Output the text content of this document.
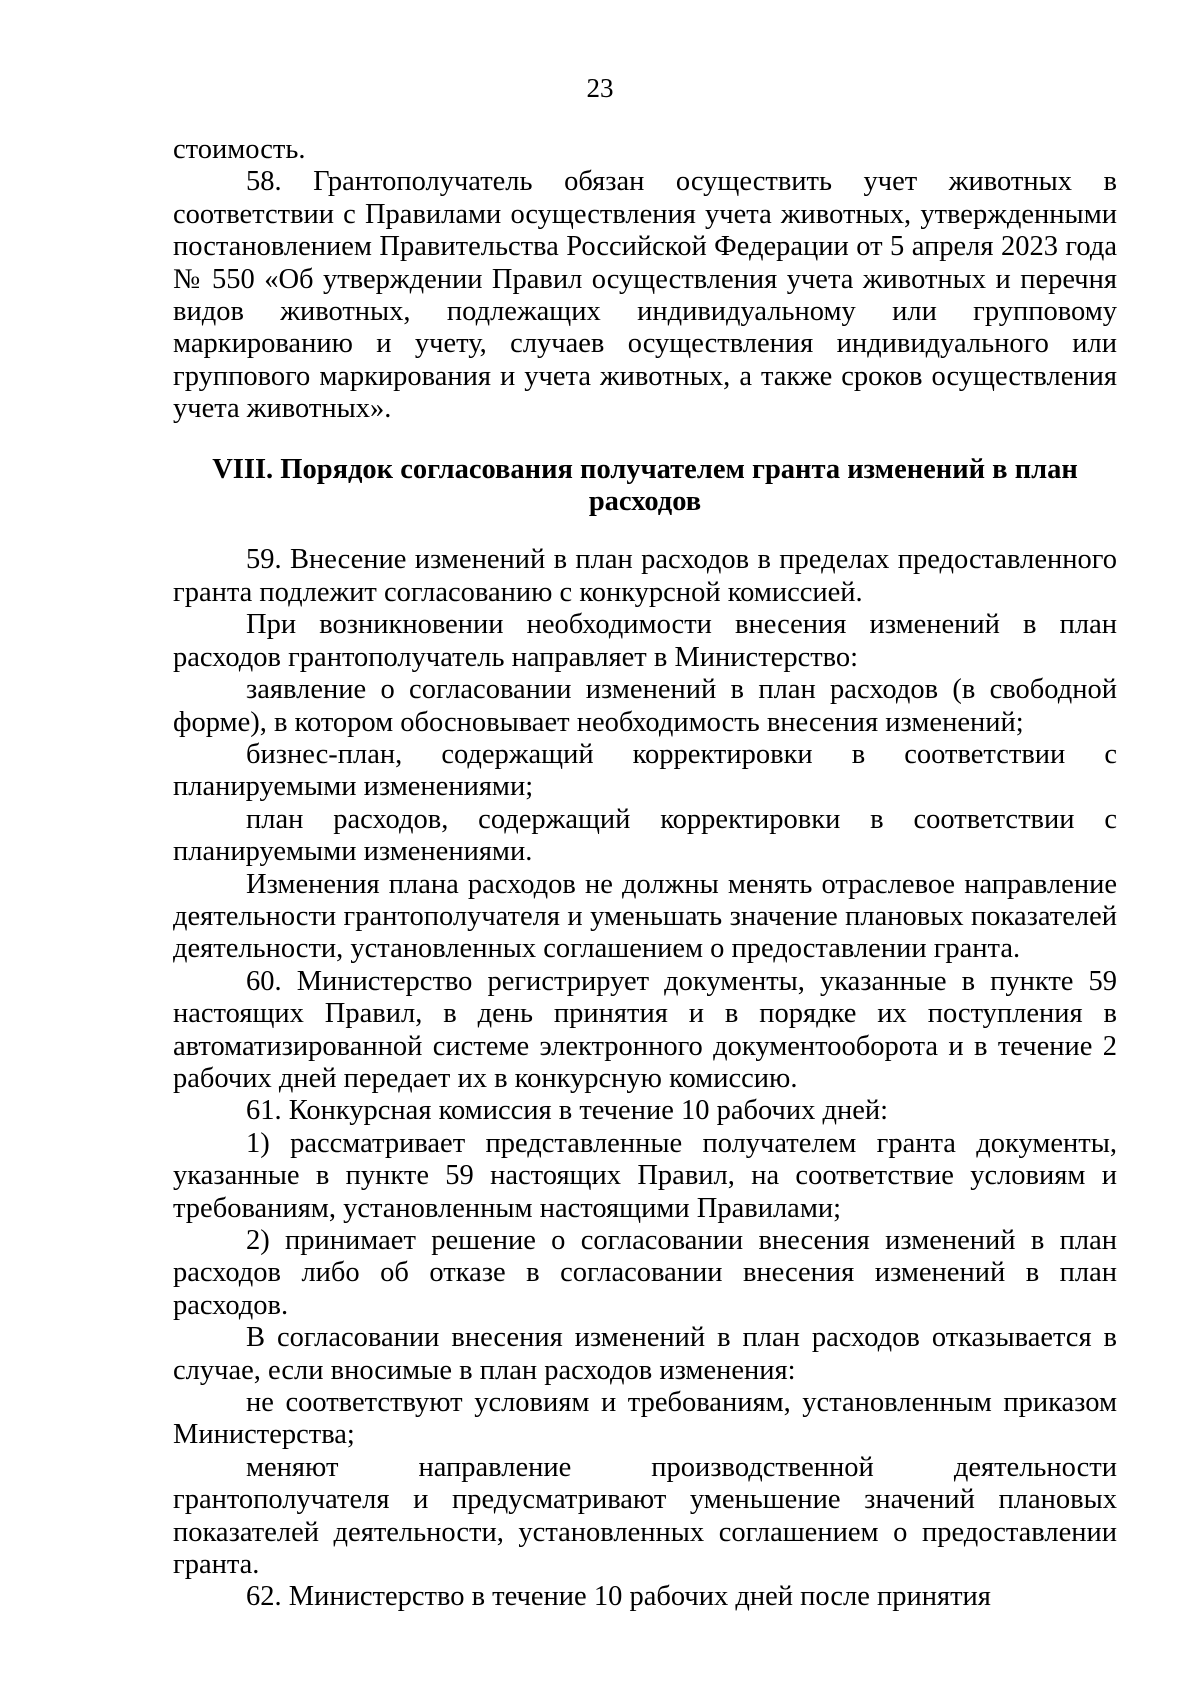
23

стоимость.

58. Грантополучатель обязан осуществить учет животных в соответствии с Правилами осуществления учета животных, утвержденными постановлением Правительства Российской Федерации от 5 апреля 2023 года № 550 «Об утверждении Правил осуществления учета животных и перечня видов животных, подлежащих индивидуальному или групповому маркированию и учету, случаев осуществления индивидуального или группового маркирования и учета животных, а также сроков осуществления учета животных».

VIII. Порядок согласования получателем гранта изменений в план
расходов

59. Внесение изменений в план расходов в пределах предоставленного гранта подлежит согласованию с конкурсной комиссией.

При возникновении необходимости внесения изменений в план расходов грантополучатель направляет в Министерство:

заявление о согласовании изменений в план расходов (в свободной форме), в котором обосновывает необходимость внесения изменений;

бизнес-план, содержащий корректировки в соответствии с планируемыми изменениями;

план расходов, содержащий корректировки в соответствии с планируемыми изменениями.

Изменения плана расходов не должны менять отраслевое направление деятельности грантополучателя и уменьшать значение плановых показателей деятельности, установленных соглашением о предоставлении гранта.

60. Министерство регистрирует документы, указанные в пункте 59 настоящих Правил, в день принятия и в порядке их поступления в автоматизированной системе электронного документооборота и в течение 2 рабочих дней передает их в конкурсную комиссию.

61. Конкурсная комиссия в течение 10 рабочих дней:

1) рассматривает представленные получателем гранта документы, указанные в пункте 59 настоящих Правил, на соответствие условиям и требованиям, установленным настоящими Правилами;

2) принимает решение о согласовании внесения изменений в план расходов либо об отказе в согласовании внесения изменений в план расходов.

В согласовании внесения изменений в план расходов отказывается в случае, если вносимые в план расходов изменения:

не соответствуют условиям и требованиям, установленным приказом Министерства;

меняют направление производственной деятельности грантополучателя и предусматривают уменьшение значений плановых показателей деятельности, установленных соглашением о предоставлении гранта.

62. Министерство в течение 10 рабочих дней после принятия
